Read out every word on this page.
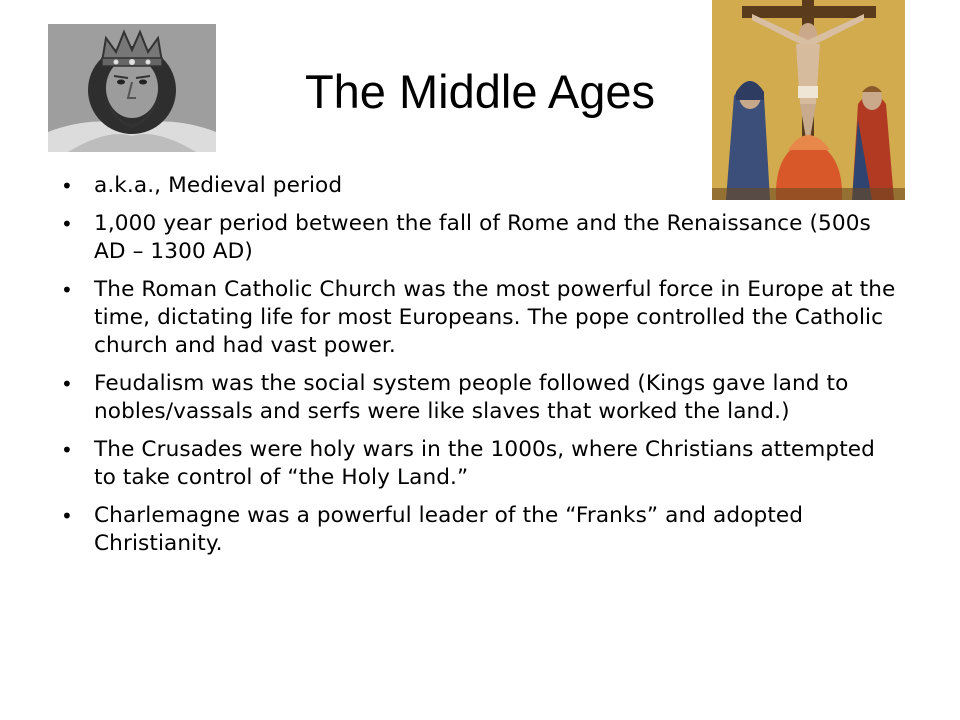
The Middle Ages
• a.k.a., Medieval period
• 1,000 year period between the fall of Rome and the Renaissance (500s AD – 1300 AD)
• The Roman Catholic Church was the most powerful force in Europe at the time, dictating life for most Europeans. The pope controlled the Catholic church and had vast power.
• Feudalism was the social system people followed (Kings gave land to nobles/vassals and serfs were like slaves that worked the land.)
• The Crusades were holy wars in the 1000s, where Christians attempted to take control of “the Holy Land.”
• Charlemagne was a powerful leader of the “Franks” and adopted Christianity.
